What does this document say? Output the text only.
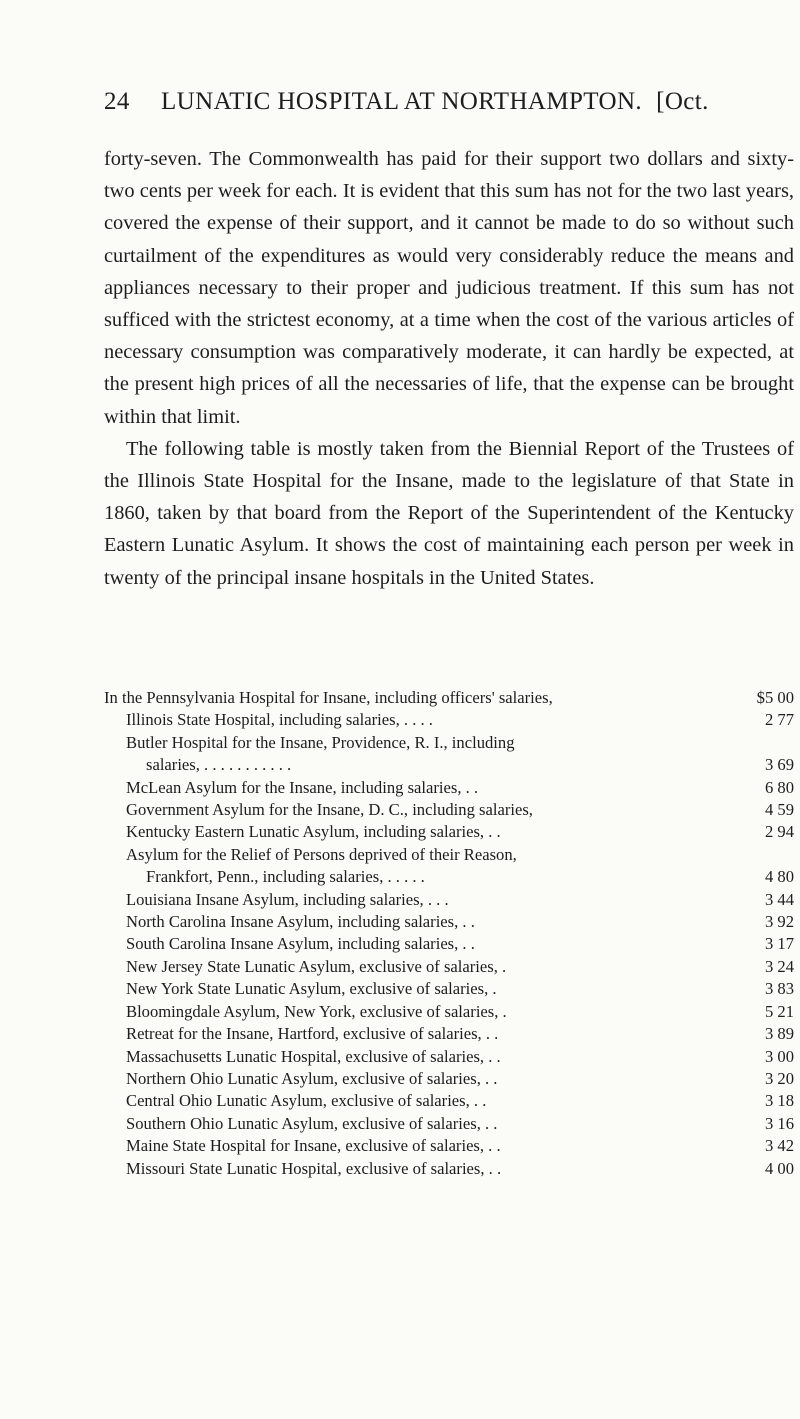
24 LUNATIC HOSPITAL AT NORTHAMPTON. [Oct.

forty-seven. The Commonwealth has paid for their support two dollars and sixty-two cents per week for each. It is evident that this sum has not for the two last years, covered the expense of their support, and it cannot be made to do so without such curtailment of the expenditures as would very considerably reduce the means and appliances necessary to their proper and judicious treatment. If this sum has not sufficed with the strictest economy, at a time when the cost of the various articles of necessary consumption was comparatively moderate, it can hardly be expected, at the present high prices of all the necessaries of life, that the expense can be brought within that limit.

The following table is mostly taken from the Biennial Report of the Trustees of the Illinois State Hospital for the Insane, made to the legislature of that State in 1860, taken by that board from the Report of the Superintendent of the Kentucky Eastern Lunatic Asylum. It shows the cost of maintaining each person per week in twenty of the principal insane hospitals in the United States.

In the Pennsylvania Hospital for Insane, including officers' salaries,	$5 00
Illinois State Hospital, including salaries, . . . .	2 77
Butler Hospital for the Insane, Providence, R. I., including
salaries, . . . . . . . . . . .	3 69
McLean Asylum for the Insane, including salaries, . .	6 80
Government Asylum for the Insane, D. C., including salaries,	4 59
Kentucky Eastern Lunatic Asylum, including salaries, . .	2 94
Asylum for the Relief of Persons deprived of their Reason,
Frankfort, Penn., including salaries, . . . . .	4 80
Louisiana Insane Asylum, including salaries, . . .	3 44
North Carolina Insane Asylum, including salaries, . .	3 92
South Carolina Insane Asylum, including salaries, . .	3 17
New Jersey State Lunatic Asylum, exclusive of salaries, .	3 24
New York State Lunatic Asylum, exclusive of salaries, .	3 83
Bloomingdale Asylum, New York, exclusive of salaries, .	5 21
Retreat for the Insane, Hartford, exclusive of salaries, . .	3 89
Massachusetts Lunatic Hospital, exclusive of salaries, . .	3 00
Northern Ohio Lunatic Asylum, exclusive of salaries, . .	3 20
Central Ohio Lunatic Asylum, exclusive of salaries, . .	3 18
Southern Ohio Lunatic Asylum, exclusive of salaries, . .	3 16
Maine State Hospital for Insane, exclusive of salaries, . .	3 42
Missouri State Lunatic Hospital, exclusive of salaries, . .	4 00
